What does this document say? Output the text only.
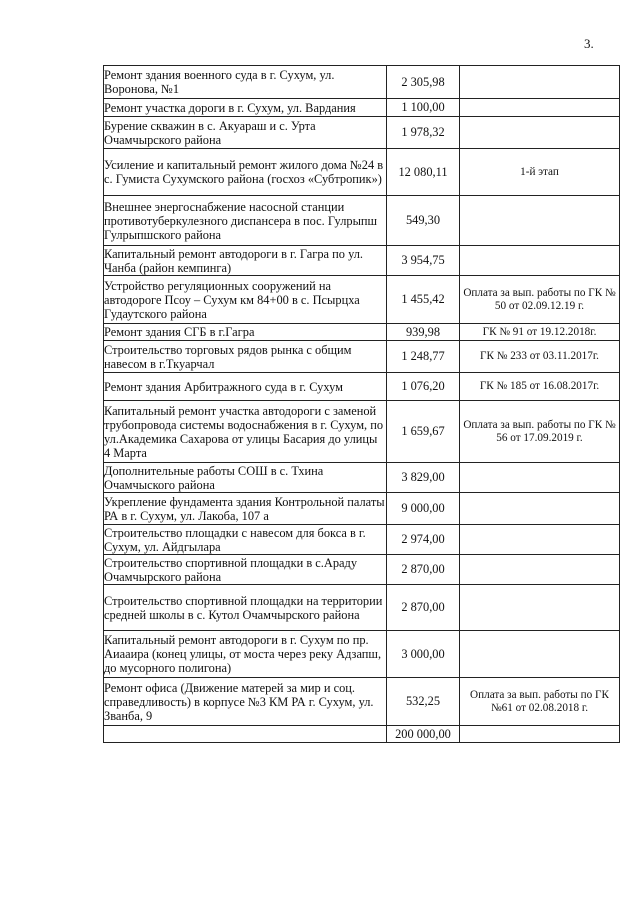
3.
Ремонт здания военного суда в г. Сухум, ул. Воронова, №1	2 305,98	
Ремонт участка дороги в г. Сухум, ул. Вардания	1 100,00	
Бурение скважин в с. Акуараш и с. Урта Очамчырского района	1 978,32	
Усиление и капитальный ремонт жилого дома №24 в с. Гумиста Сухумского района (госхоз «Субтропик»)	12 080,11	1-й этап
Внешнее энергоснабжение насосной станции противотуберкулезного диспансера в пос. Гулрыпш Гулрыпшского района	549,30	
Капитальный ремонт автодороги в г. Гагра по ул. Чанба (район кемпинга)	3 954,75	
Устройство регуляционных сооружений на автодороге Псоу – Сухум км 84+00 в с. Псырцха Гудаутского района	1 455,42	Оплата за вып. работы по ГК № 50 от 02.09.12.19 г.
Ремонт здания СГБ в г.Гагра	939,98	ГК № 91 от 19.12.2018г.
Строительство торговых рядов рынка с общим навесом в г.Ткуарчал	1 248,77	ГК № 233 от 03.11.2017г.
Ремонт здания Арбитражного суда в г. Сухум	1 076,20	ГК № 185 от 16.08.2017г.
Капитальный ремонт участка автодороги с заменой трубопровода системы водоснабжения в г. Сухум, по ул.Академика Сахарова от улицы Басария до улицы 4 Марта	1 659,67	Оплата за вып. работы по ГК № 56 от 17.09.2019 г.
Дополнительные работы СОШ в с. Тхина Очамчыского района	3 829,00	
Укрепление фундамента здания Контрольной палаты РА в г. Сухум, ул. Лакоба, 107 а	9 000,00	
Строительство площадки с навесом для бокса в г. Сухум, ул. Айдгылара	2 974,00	
Строительство спортивной площадки в с.Араду Очамчырского района	2 870,00	
Строительство спортивной площадки на территории средней школы в с. Кутол Очамчырского района	2 870,00	
Капитальный ремонт автодороги в г. Сухум по пр. Аиааира (конец улицы, от моста через реку Адзапш, до мусорного полигона)	3 000,00	
Ремонт офиса (Движение матерей за мир и соц. справедливость) в корпусе №3 КМ РА г. Сухум, ул. Званба, 9	532,25	Оплата за вып. работы по ГК №61 от 02.08.2018 г.
	200 000,00	
